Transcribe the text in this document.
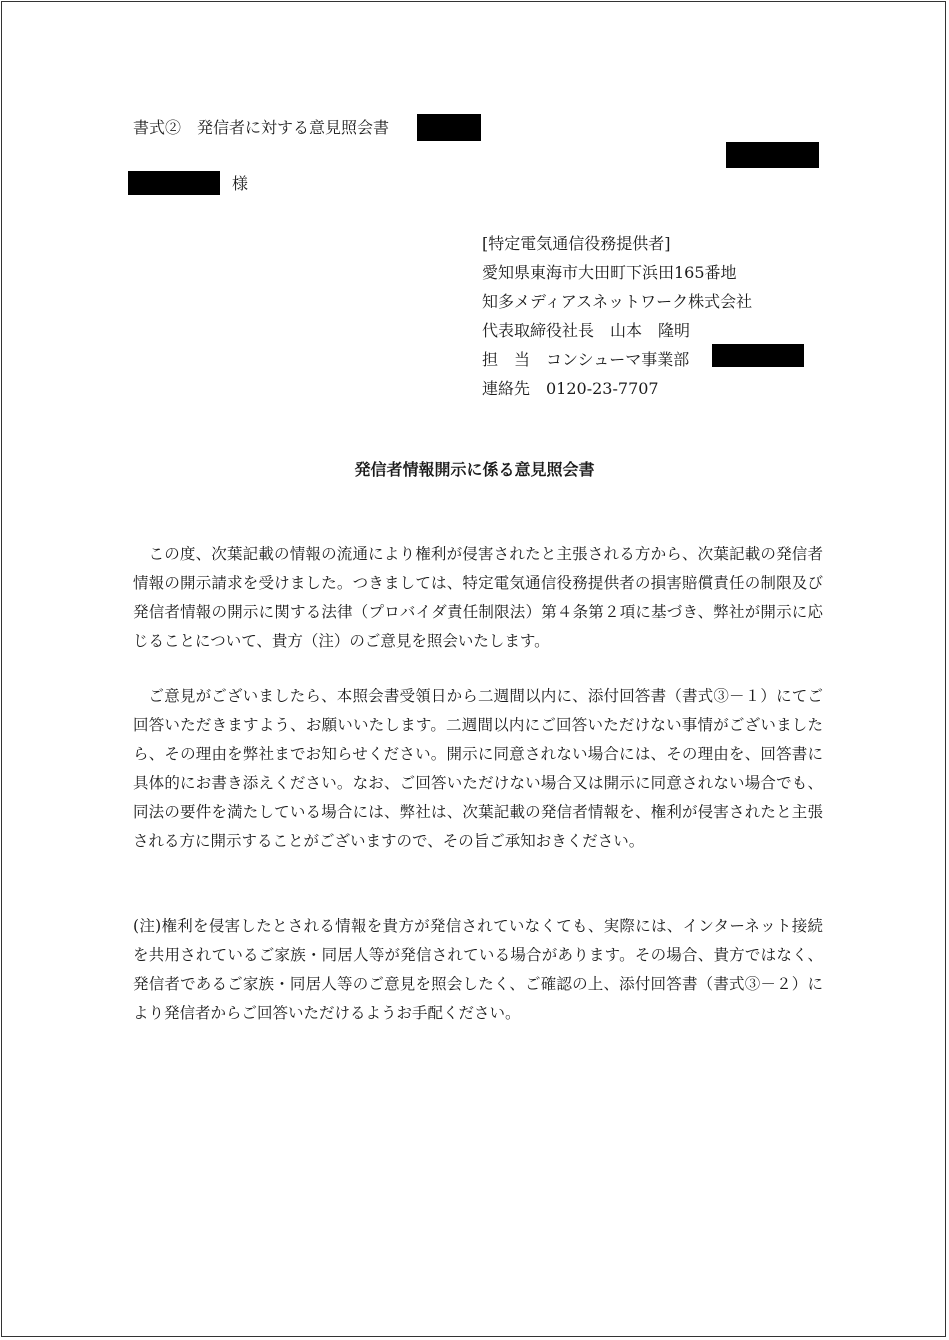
書式②　発信者に対する意見照会書
様
[特定電気通信役務提供者]
愛知県東海市大田町下浜田165番地
知多メディアスネットワーク株式会社
代表取締役社長　山本　隆明
担　当　コンシューマ事業部
連絡先　0120-23-7707
発信者情報開示に係る意見照会書
この度、次葉記載の情報の流通により権利が侵害されたと主張される方から、次葉記載の発信者情報の開示請求を受けました。つきましては、特定電気通信役務提供者の損害賠償責任の制限及び発信者情報の開示に関する法律（プロバイダ責任制限法）第４条第２項に基づき、弊社が開示に応じることについて、貴方（注）のご意見を照会いたします。
ご意見がございましたら、本照会書受領日から二週間以内に、添付回答書（書式③－１）にてご回答いただきますよう、お願いいたします。二週間以内にご回答いただけない事情がございましたら、その理由を弊社までお知らせください。開示に同意されない場合には、その理由を、回答書に具体的にお書き添えください。なお、ご回答いただけない場合又は開示に同意されない場合でも、同法の要件を満たしている場合には、弊社は、次葉記載の発信者情報を、権利が侵害されたと主張される方に開示することがございますので、その旨ご承知おきください。
(注)権利を侵害したとされる情報を貴方が発信されていなくても、実際には、インターネット接続を共用されているご家族・同居人等が発信されている場合があります。その場合、貴方ではなく、発信者であるご家族・同居人等のご意見を照会したく、ご確認の上、添付回答書（書式③－２）により発信者からご回答いただけるようお手配ください。
